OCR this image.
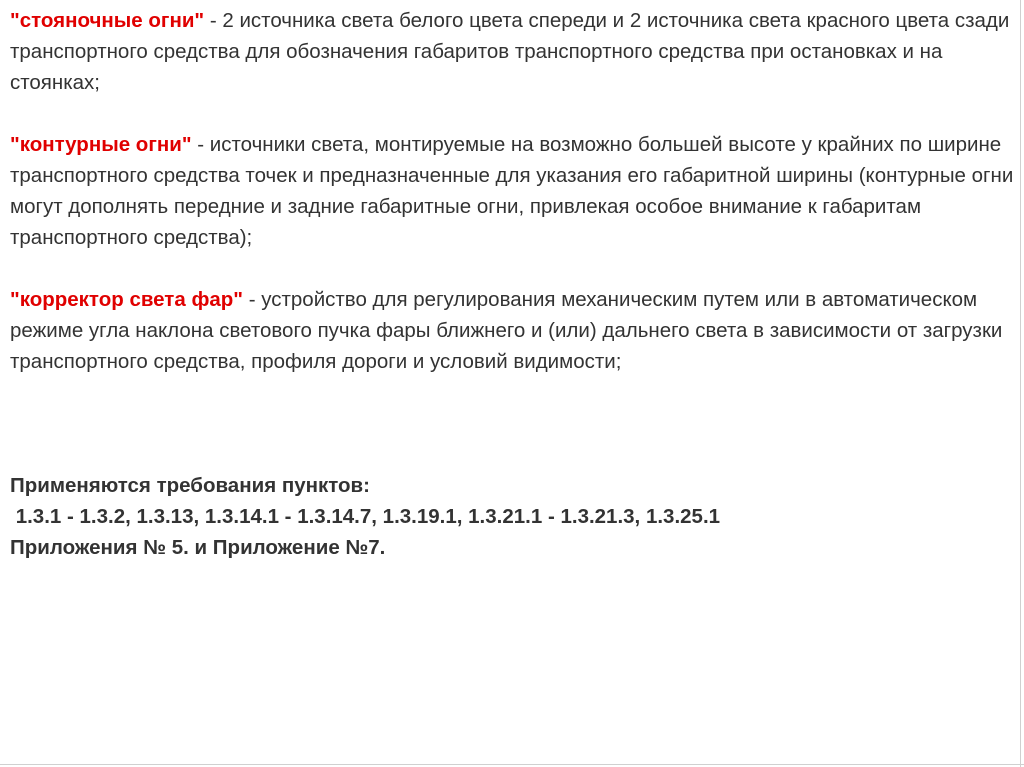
"стояночные огни" - 2 источника света белого цвета спереди и 2 источника света красного цвета сзади транспортного средства для обозначения габаритов транспортного средства при остановках и на стоянках;

"контурные огни" - источники света, монтируемые на возможно большей высоте у крайних по ширине транспортного средства точек и предназначенные для указания его габаритной ширины (контурные огни могут дополнять передние и задние габаритные огни, привлекая особое внимание к габаритам транспортного средства);

"корректор света фар" - устройство для регулирования механическим путем или в автоматическом режиме угла наклона светового пучка фары ближнего и (или) дальнего света в зависимости от загрузки транспортного средства, профиля дороги и условий видимости;

Применяются требования пунктов:
1.3.1 - 1.3.2, 1.3.13, 1.3.14.1 - 1.3.14.7, 1.3.19.1, 1.3.21.1 - 1.3.21.3, 1.3.25.1
Приложения № 5. и Приложение №7.
